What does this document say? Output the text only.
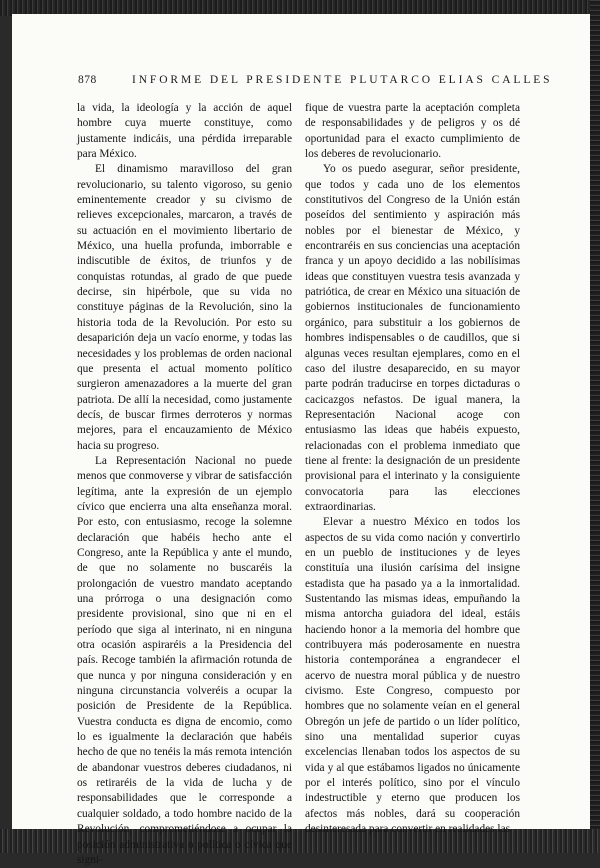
878	INFORME DEL PRESIDENTE PLUTARCO ELIAS CALLES

la vida, la ideología y la acción de aquel hombre cuya muerte constituye, como justamente indicáis, una pérdida irreparable para México.

El dinamismo maravilloso del gran revolucionario, su talento vigoroso, su genio eminentemente creador y su civismo de relieves excepcionales, marcaron, a través de su actuación en el movimiento libertario de México, una huella profunda, imborrable e indiscutible de éxitos, de triunfos y de conquistas rotundas, al grado de que puede decirse, sin hipérbole, que su vida no constituye páginas de la Revolución, sino la historia toda de la Revolución. Por esto su desaparición deja un vacío enorme, y todas las necesidades y los problemas de orden nacional que presenta el actual momento político surgieron amenazadores a la muerte del gran patriota. De allí la necesidad, como justamente decís, de buscar firmes derroteros y normas mejores, para el encauzamiento de México hacia su progreso.

La Representación Nacional no puede menos que conmoverse y vibrar de satisfacción legítima, ante la expresión de un ejemplo cívico que encierra una alta enseñanza moral. Por esto, con entusiasmo, recoge la solemne declaración que habéis hecho ante el Congreso, ante la República y ante el mundo, de que no solamente no buscaréis la prolongación de vuestro mandato aceptando una prórroga o una designación como presidente provisional, sino que ni en el período que siga al interinato, ni en ninguna otra ocasión aspiraréis a la Presidencia del país. Recoge también la afirmación rotunda de que nunca y por ninguna consideración y en ninguna circunstancia volveréis a ocupar la posición de Presidente de la República. Vuestra conducta es digna de encomio, como lo es igualmente la declaración que habéis hecho de que no tenéis la más remota intención de abandonar vuestros deberes ciudadanos, ni os retiraréis de la vida de lucha y de responsabilidades que le corresponde a cualquier soldado, a todo hombre nacido de la Revolución, comprometiéndose a ocupar la posición administrativa o política o cívica que signi-

fique de vuestra parte la aceptación completa de responsabilidades y de peligros y os dé oportunidad para el exacto cumplimiento de los deberes de revolucionario.

Yo os puedo asegurar, señor presidente, que todos y cada uno de los elementos constitutivos del Congreso de la Unión están poseídos del sentimiento y aspiración más nobles por el bienestar de México, y encontraréis en sus conciencias una aceptación franca y un apoyo decidido a las nobilísimas ideas que constituyen vuestra tesis avanzada y patriótica, de crear en México una situación de gobiernos institucionales de funcionamiento orgánico, para substituir a los gobiernos de hombres indispensables o de caudillos, que si algunas veces resultan ejemplares, como en el caso del ilustre desaparecido, en su mayor parte podrán traducirse en torpes dictaduras o cacicazgos nefastos. De igual manera, la Representación Nacional acoge con entusiasmo las ideas que habéis expuesto, relacionadas con el problema inmediato que tiene al frente: la designación de un presidente provisional para el interinato y la consiguiente convocatoria para las elecciones extraordinarias.

Elevar a nuestro México en todos los aspectos de su vida como nación y convertirlo en un pueblo de instituciones y de leyes constituía una ilusión carísima del insigne estadista que ha pasado ya a la inmortalidad. Sustentando las mismas ideas, empuñando la misma antorcha guiadora del ideal, estáis haciendo honor a la memoria del hombre que contribuyera más poderosamente en nuestra historia contemporánea a engrandecer el acervo de nuestra moral pública y de nuestro civismo. Este Congreso, compuesto por hombres que no solamente veían en el general Obregón un jefe de partido o un líder político, sino una mentalidad superior cuyas excelencias llenaban todos los aspectos de su vida y al que estábamos ligados no únicamente por el interés político, sino por el vínculo indestructible y eterno que producen los afectos más nobles, dará su cooperación desinteresada para convertir en realidades las
